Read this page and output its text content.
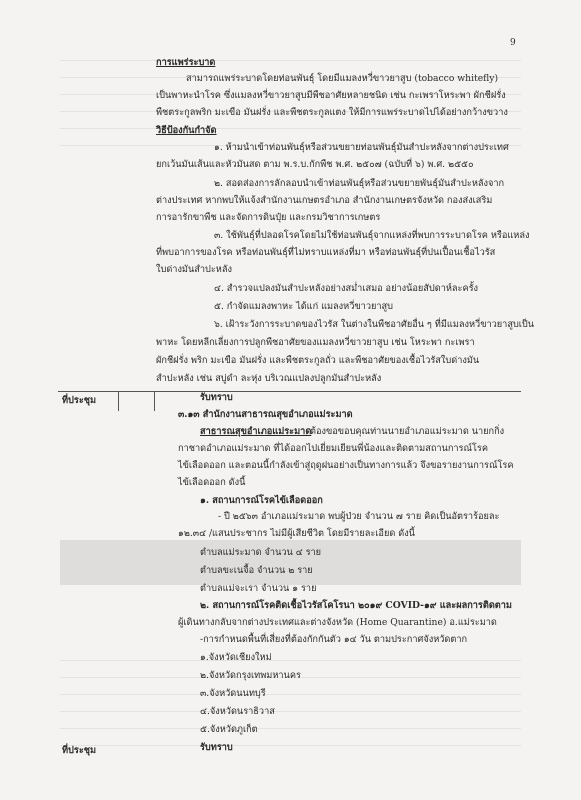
9
การแพร่ระบาด
สามารถแพร่ระบาดโดยท่อนพันธุ์ โดยมีแมลงหวี่ขาวยาสูบ (tobacco whitefly)
เป็นพาหะนำโรค ซึ่งแมลงหวี่ขาวยาสูบมีพืชอาศัยหลายชนิด เช่น กะเพราโหระพา ผักชีฝรั่ง
พืชตระกูลพริก มะเขือ มันฝรั่ง และพืชตระกูลแตง ให้มีการแพร่ระบาดไปได้อย่างกว้างขวาง
วิธีป้องกันกำจัด
๑. ห้ามนำเข้าท่อนพันธุ์หรือส่วนขยายท่อนพันธุ์มันสำปะหลังจากต่างประเทศ
ยกเว้นมันเส้นและหัวมันสด ตาม พ.ร.บ.กักพืช พ.ศ. ๒๕๐๗ (ฉบับที่ ๖) พ.ศ. ๒๕๕๐
๒. สอดส่องการลักลอบนำเข้าท่อนพันธุ์หรือส่วนขยายพันธุ์มันสำปะหลังจาก
ต่างประเทศ หากพบให้แจ้งสำนักงานเกษตรอำเภอ สำนักงานเกษตรจังหวัด กองส่งเสริม
การอารักขาพืช และจัดการดินปุ๋ย และกรมวิชาการเกษตร
๓. ใช้พันธุ์ที่ปลอดโรคโดยไม่ใช้ท่อนพันธุ์จากแหล่งที่พบการระบาดโรค หรือแหล่ง
ที่พบอาการของโรค หรือท่อนพันธุ์ที่ไม่ทราบแหล่งที่มา หรือท่อนพันธุ์ที่ปนเปื้อนเชื้อไวรัส
ใบด่างมันสำปะหลัง
๔. สำรวจแปลงมันสำปะหลังอย่างสม่ำเสมอ อย่างน้อยสัปดาห์ละครั้ง
๕. กำจัดแมลงพาหะ ได้แก่ แมลงหวี่ขาวยาสูบ
๖. เฝ้าระวังการระบาดของไวรัส ในต่างในพืชอาศัยอื่น ๆ ที่มีแมลงหวี่ขาวยาสูบเป็น
พาหะ โดยหลีกเลี่ยงการปลูกพืชอาศัยของแมลงหวี่ขาวยาสูบ เช่น โหระพา กะเพรา
ผักชีฝรั่ง พริก มะเขือ มันฝรั่ง และพืชตระกูลถั่ว และพืชอาศัยของเชื้อไวรัสใบด่างมัน
สำปะหลัง เช่น สบู่ดำ ละหุ่ง บริเวณแปลงปลูกมันสำปะหลัง
ที่ประชุม	รับทราบ
๓.๑๓ สำนักงานสาธารณสุขอำเภอแม่ระมาด
สาธารณสุขอำเภอแม่ระมาด
ต้องขอขอบคุณท่านนายอำเภอแม่ระมาด นายกกิ่ง
กาชาดอำเภอแม่ระมาด ที่ได้ออกไปเยี่ยมเยียนพี่น้องและติดตามสถานการณ์โรค
ไข้เลือดออก และตอนนี้กำลังเข้าสู่ฤดูฝนอย่างเป็นทางการแล้ว จึงขอรายงานการณ์โรค
ไข้เลือดออก ดังนี้
๑. สถานการณ์โรคไข้เลือดออก
- ปี ๒๕๖๓ อำเภอแม่ระมาด พบผู้ป่วย จำนวน ๗ ราย คิดเป็นอัตราร้อยละ
๑๒.๓๔ /แสนประชากร ไม่มีผู้เสียชีวิต โดยมีรายละเอียด ดังนี้
ตำบลแม่ระมาด จำนวน ๔ ราย
ตำบลขะเนจื้อ จำนวน ๒ ราย
ตำบลแม่จะเรา จำนวน ๑ ราย
๒. สถานการณ์โรคติดเชื้อไวรัสโคโรนา ๒๐๑๙ COVID-๑๙ และผลการติดตาม
ผู้เดินทางกลับจากต่างประเทศและต่างจังหวัด (Home Quarantine) อ.แม่ระมาด
-การกำหนดพื้นที่เสี่ยงที่ต้องกักกันตัว ๑๔ วัน ตามประกาศจังหวัดตาก
๑.จังหวัดเชียงใหม่
๒.จังหวัดกรุงเทพมหานคร
๓.จังหวัดนนทบุรี
๔.จังหวัดนราธิวาส
๕.จังหวัดภูเก็ต
ที่ประชุม	รับทราบ
